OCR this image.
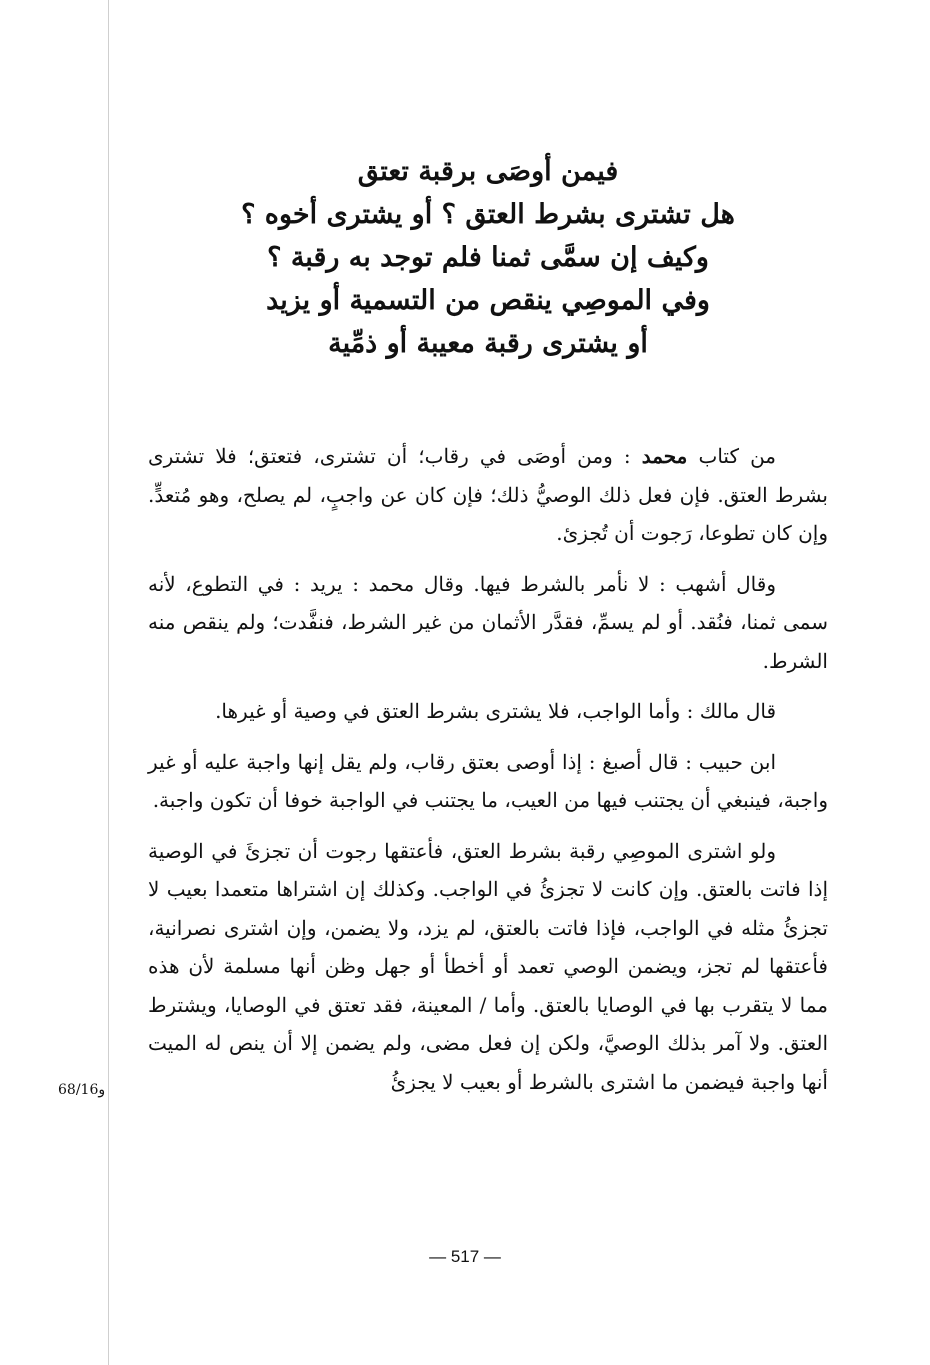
و68/16
فيمن أوصَى برقبة تعتق
هل تشترى بشرط العتق ؟ أو يشترى أخوه ؟
وكيف إن سمَّى ثمنا فلم توجد به رقبة ؟
وفي الموصِي ينقص من التسمية أو يزيد
أو يشترى رقبة معيبة أو ذمِّية

من كتاب محمد : ومن أوصَى في رقاب؛ أن تشترى، فتعتق؛ فلا تشترى بشرط العتق. فإن فعل ذلك الوصيُّ ذلك؛ فإن كان عن واجبٍ، لم يصلح، وهو مُتعدٍّ. وإن كان تطوعا، رَجوت أن تُجزئ.

وقال أشهب : لا نأمر بالشرط فيها. وقال محمد : يريد : في التطوع، لأنه سمى ثمنا، فنُقد. أو لم يسمِّ، فقدَّر الأثمان من غير الشرط، فنفَّدت؛ ولم ينقص منه الشرط.

قال مالك : وأما الواجب، فلا يشترى بشرط العتق في وصية أو غيرها.

ابن حبيب : قال أصبغ : إذا أوصى بعتق رقاب، ولم يقل إنها واجبة عليه أو غير واجبة، فينبغي أن يجتنب فيها من العيب، ما يجتنب في الواجبة خوفا أن تكون واجبة.

ولو اشترى الموصِي رقبة بشرط العتق، فأعتقها رجوت أن تجزئَ في الوصية إذا فاتت بالعتق. وإن كانت لا تجزئُ في الواجب. وكذلك إن اشتراها متعمدا بعيب لا تجزئُ مثله في الواجب، فإذا فاتت بالعتق، لم يزد، ولا يضمن، وإن اشترى نصرانية، فأعتقها لم تجز، ويضمن الوصي تعمد أو أخطأ أو جهل وظن أنها مسلمة لأن هذه مما لا يتقرب بها في الوصايا بالعتق. وأما / المعينة، فقد تعتق في الوصايا، ويشترط العتق. ولا آمر بذلك الوصيَّ، ولكن إن فعل مضى، ولم يضمن إلا أن ينص له الميت أنها واجبة فيضمن ما اشترى بالشرط أو بعيب لا يجزئُ

— 517 —
